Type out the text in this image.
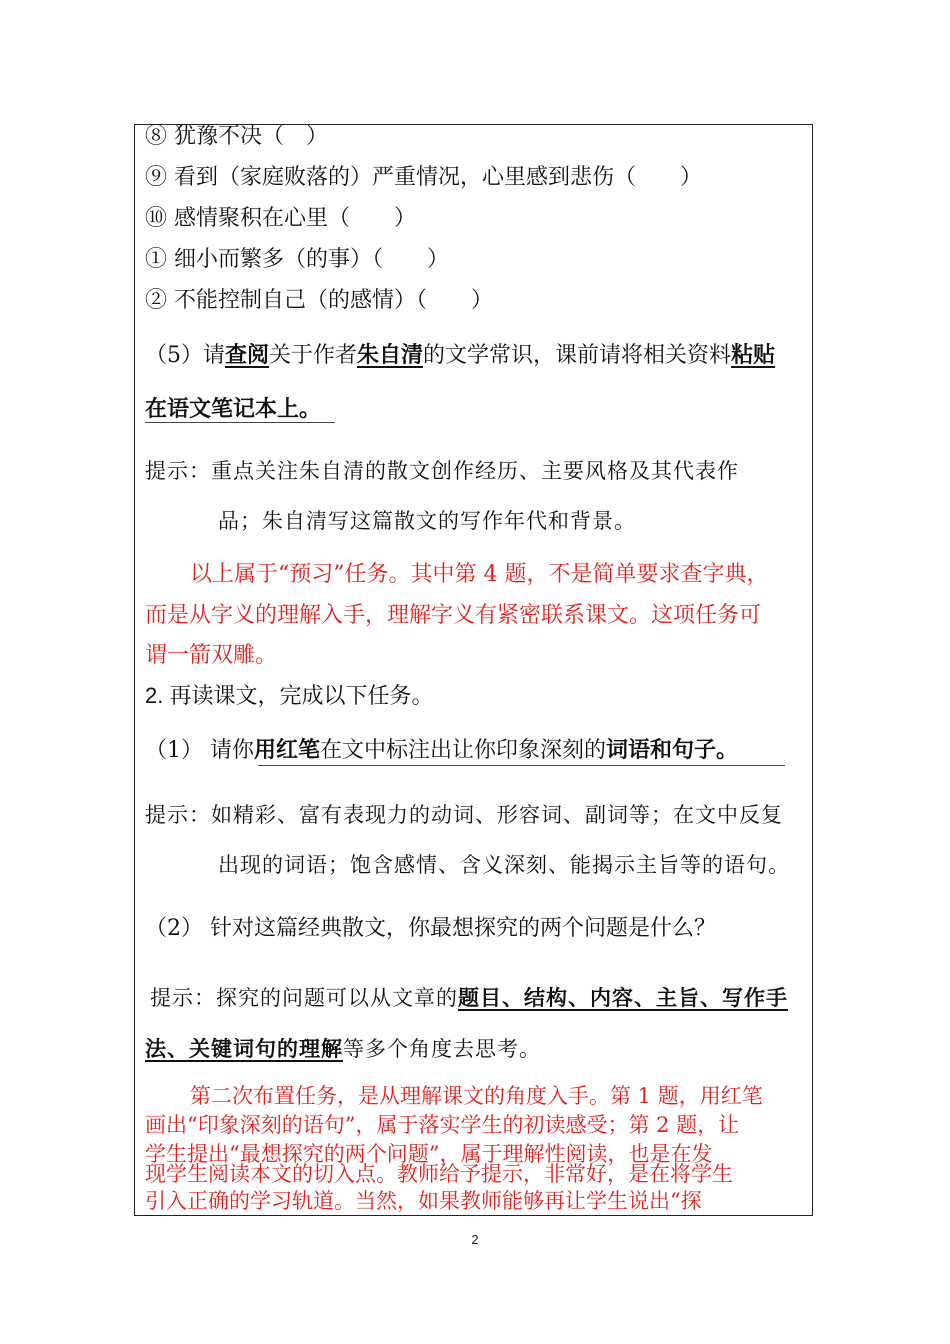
⑧ 犹豫不决（　）
⑨ 看到（家庭败落的）严重情况，心里感到悲伤（　　）
⑩ 感情聚积在心里（　　）
① 细小而繁多（的事）（　　）
② 不能控制自己（的感情）（　　）
（5）请查阅关于作者朱自清的文学常识，课前请将相关资料粘贴
在语文笔记本上。
提示：重点关注朱自清的散文创作经历、主要风格及其代表作
品；朱自清写这篇散文的写作年代和背景。
以上属于“预习”任务。其中第 4 题，不是简单要求查字典，
而是从字义的理解入手，理解字义有紧密联系课文。这项任务可
谓一箭双雕。
2. 再读课文，完成以下任务。
（1） 请你用红笔在文中标注出让你印象深刻的词语和句子。
提示：如精彩、富有表现力的动词、形容词、副词等；在文中反复
出现的词语；饱含感情、含义深刻、能揭示主旨等的语句。
（2） 针对这篇经典散文，你最想探究的两个问题是什么？
提示：探究的问题可以从文章的题目、结构、内容、主旨、写作手
法、关键词句的理解等多个角度去思考。
第二次布置任务，是从理解课文的角度入手。第 1 题，用红笔
画出“印象深刻的语句”，属于落实学生的初读感受；第 2 题，让
学生提出“最想探究的两个问题”，属于理解性阅读，也是在发
现学生阅读本文的切入点。教师给予提示，非常好，是在将学生
引入正确的学习轨道。当然，如果教师能够再让学生说出“探
2
